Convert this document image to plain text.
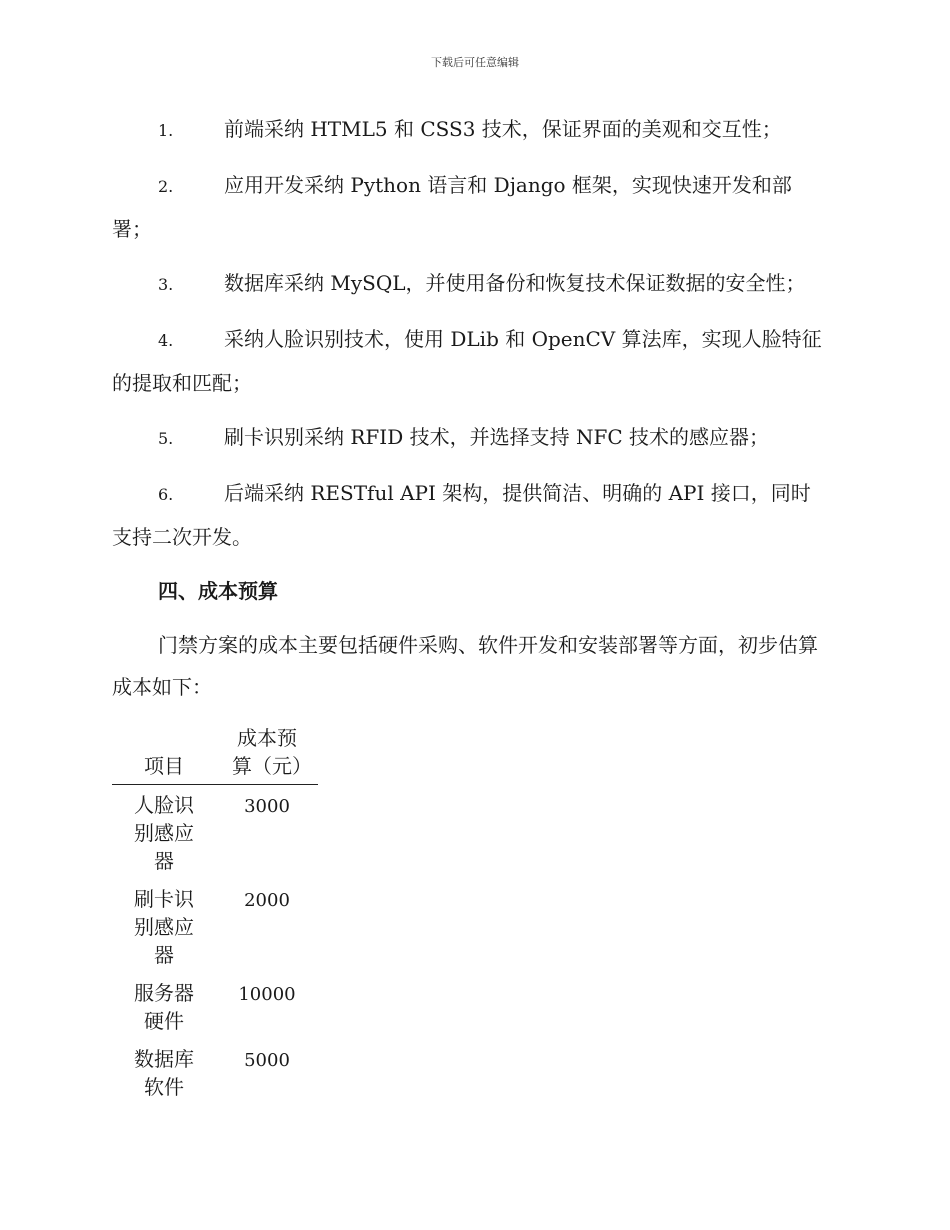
下载后可任意编辑

1.	前端采纳 HTML5 和 CSS3 技术，保证界面的美观和交互性；

2.	应用开发采纳 Python 语言和 Django 框架，实现快速开发和部署；

3.	数据库采纳 MySQL，并使用备份和恢复技术保证数据的安全性；

4.	采纳人脸识别技术，使用 DLib 和 OpenCV 算法库，实现人脸特征的提取和匹配；

5.	刷卡识别采纳 RFID 技术，并选择支持 NFC 技术的感应器；

6.	后端采纳 RESTful API 架构，提供简洁、明确的 API 接口，同时支持二次开发。

四、成本预算

门禁方案的成本主要包括硬件采购、软件开发和安装部署等方面，初步估算成本如下：

项目	成本预算（元）
人脸识别感应器	3000
刷卡识别感应器	2000
服务器硬件	10000
数据库软件	5000
